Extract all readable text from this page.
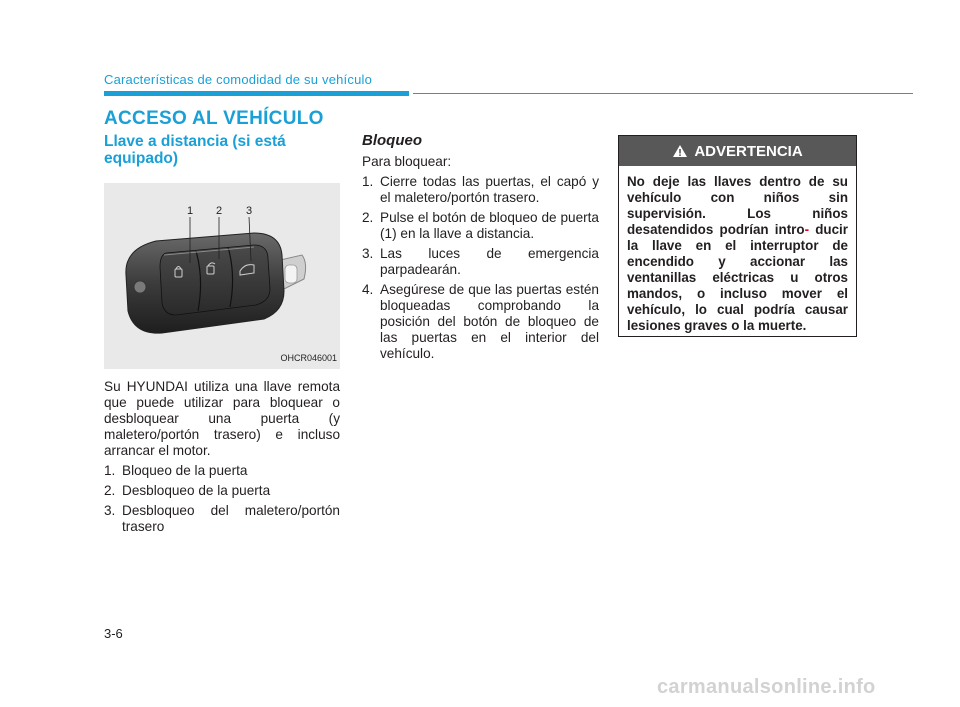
Características de comodidad de su vehículo
ACCESO AL VEHÍCULO
Llave a distancia (si está equipado)
1 2 3
OHCR046001

Su HYUNDAI utiliza una llave remota que puede utilizar para bloquear o desbloquear una puerta (y maletero/portón trasero) e incluso arrancar el motor.

1. Bloqueo de la puerta
2. Desbloqueo de la puerta
3. Desbloqueo del maletero/portón trasero
Bloqueo

Para bloquear:

1. Cierre todas las puertas, el capó y el maletero/portón trasero.
2. Pulse el botón de bloqueo de puerta (1) en la llave a distancia.
3. Las luces de emergencia parpadearán.
4. Asegúrese de que las puertas estén bloqueadas comprobando la posición del botón de bloqueo de las puertas en el interior del vehículo.
ADVERTENCIA
No deje las llaves dentro de su vehículo con niños sin supervisión. Los niños desatendidos podrían intro- ducir la llave en el interruptor de encendido y accionar las ventanillas eléctricas u otros mandos, o incluso mover el vehículo, lo cual podría causar lesiones graves o la muerte.
3-6
carmanualsonline.info
